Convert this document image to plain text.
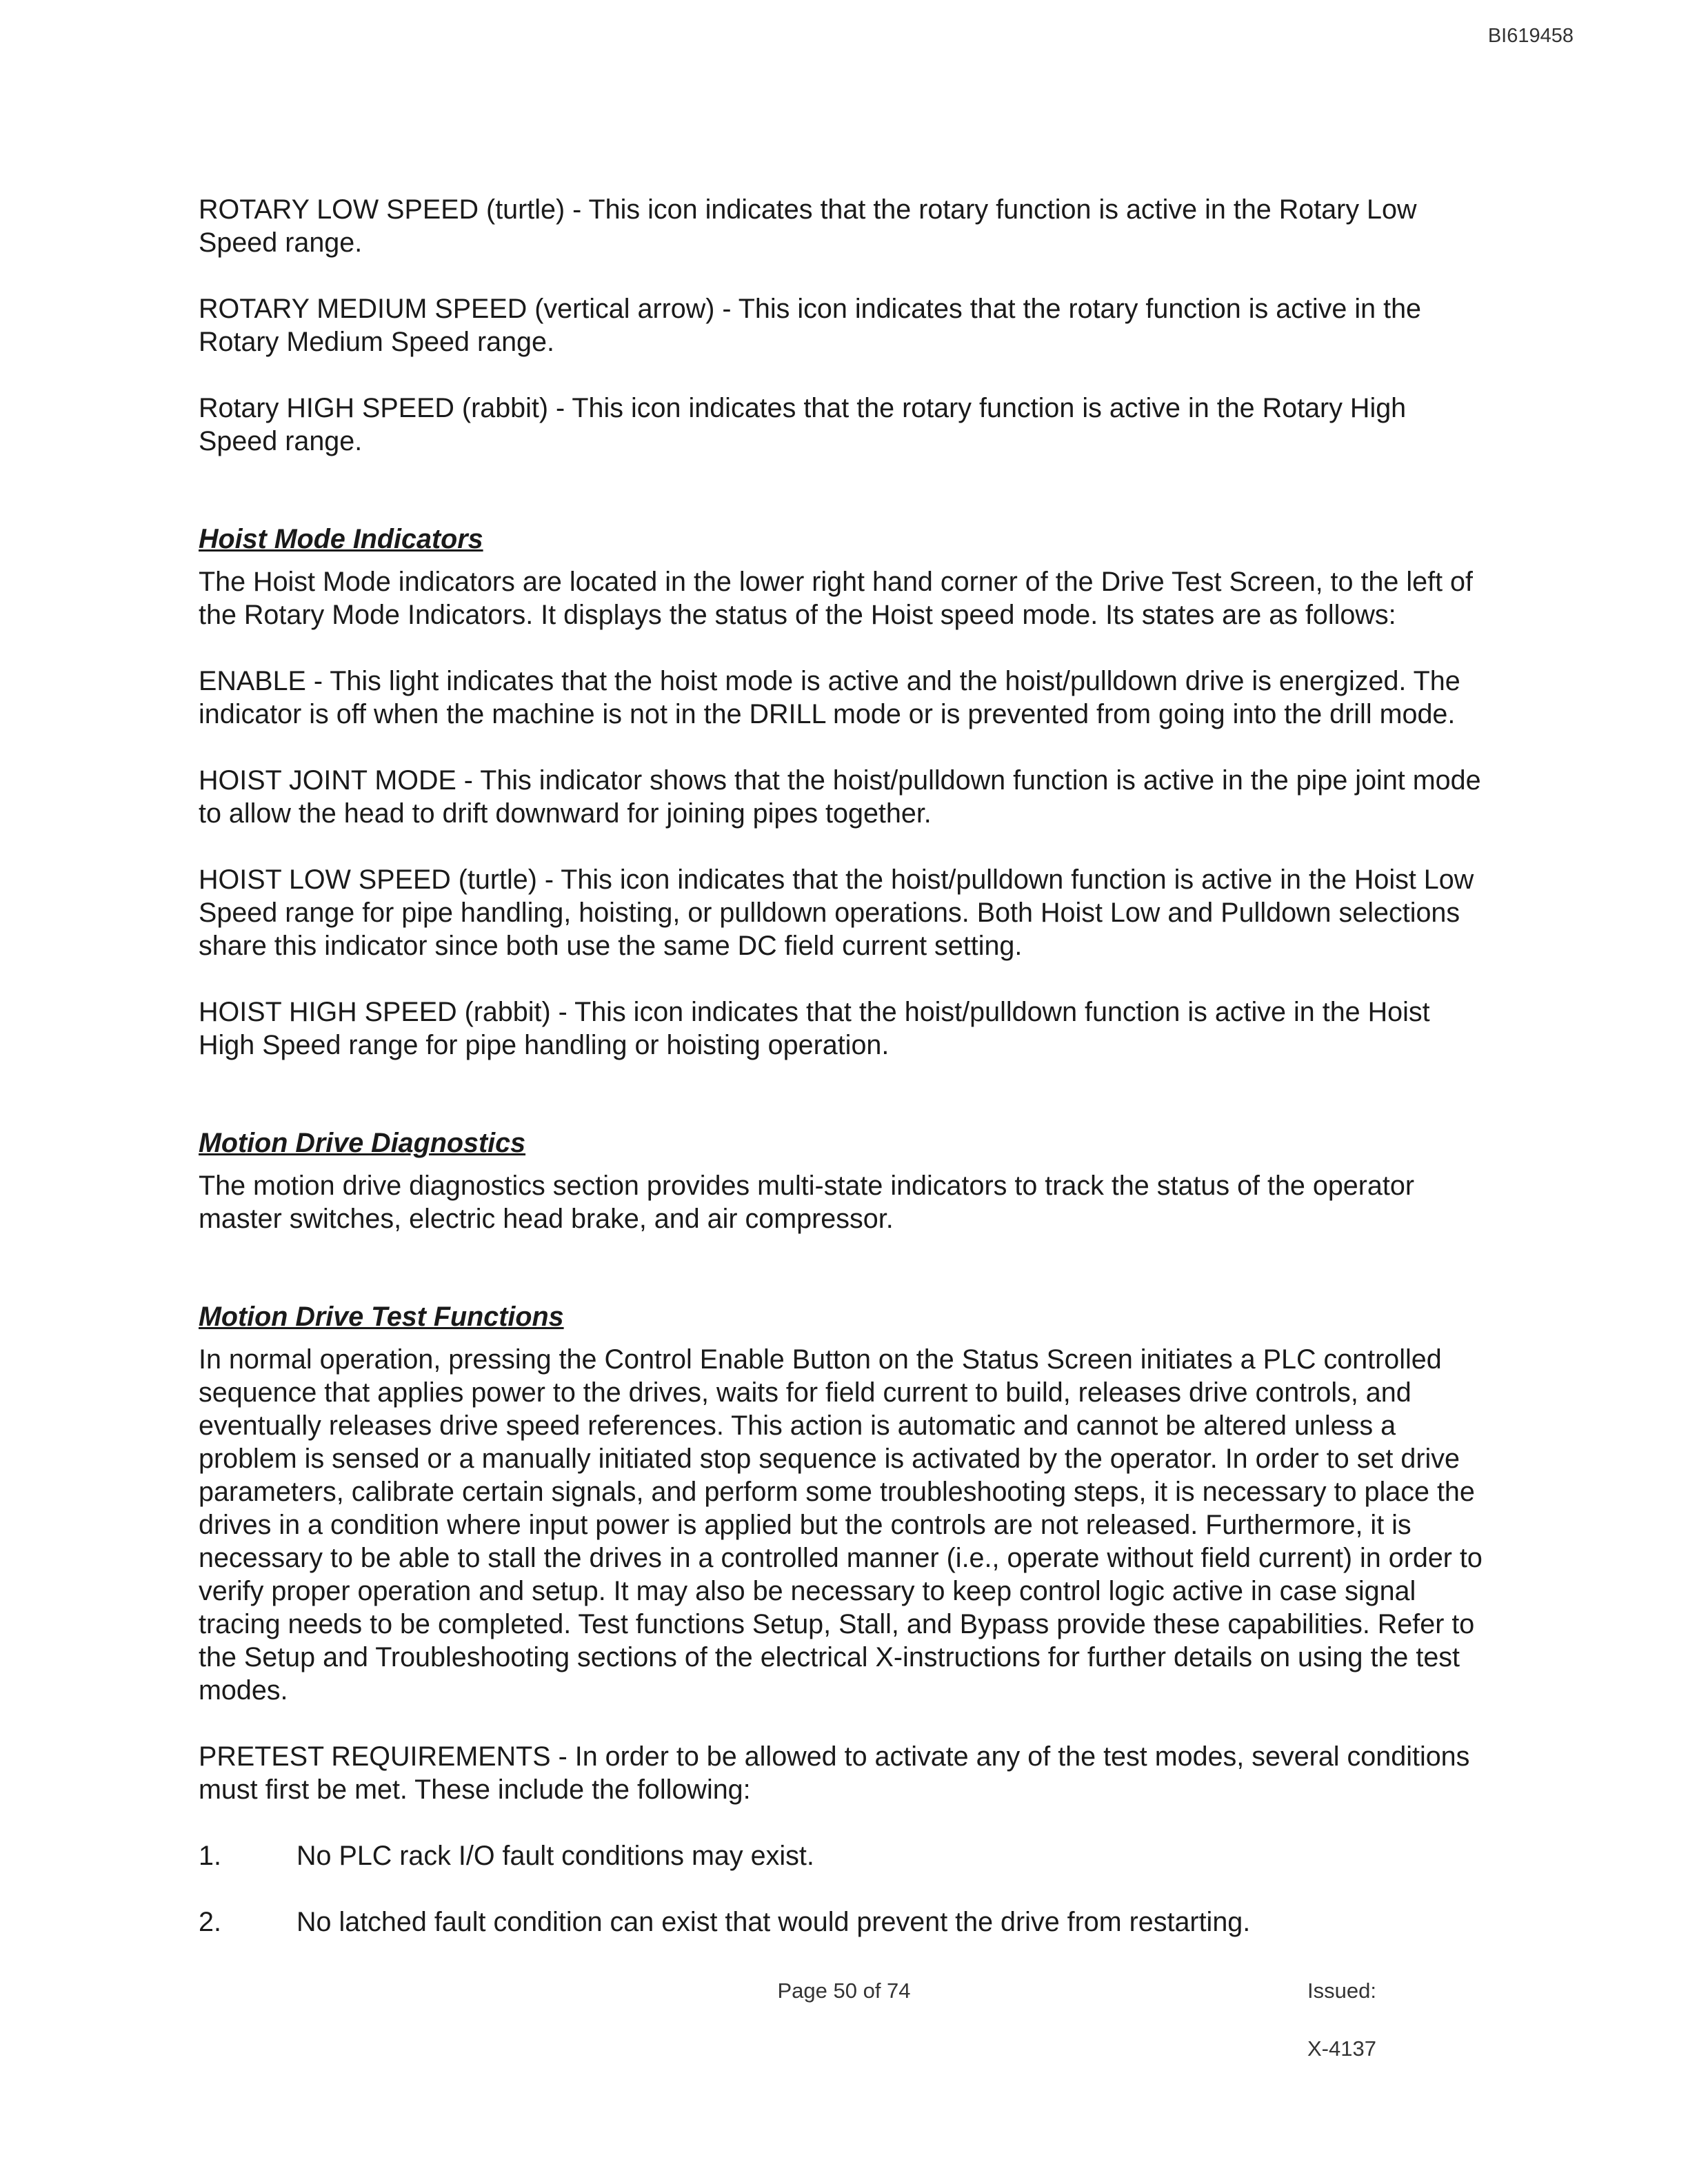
BI619458

ROTARY LOW SPEED (turtle) - This icon indicates that the rotary function is active in the Rotary Low Speed range.

ROTARY MEDIUM SPEED (vertical arrow) - This icon indicates that the rotary function is active in the Rotary Medium Speed range.

Rotary HIGH SPEED (rabbit) - This icon indicates that the rotary function is active in the Rotary High Speed range.

Hoist Mode Indicators

The Hoist Mode indicators are located in the lower right hand corner of the Drive Test Screen, to the left of the Rotary Mode Indicators. It displays the status of the Hoist speed mode. Its states are as follows:

ENABLE - This light indicates that the hoist mode is active and the hoist/pulldown drive is energized. The indicator is off when the machine is not in the DRILL mode or is prevented from going into the drill mode.

HOIST JOINT MODE - This indicator shows that the hoist/pulldown function is active in the pipe joint mode to allow the head to drift downward for joining pipes together.

HOIST LOW SPEED (turtle) - This icon indicates that the hoist/pulldown function is active in the Hoist Low Speed range for pipe handling, hoisting, or pulldown operations. Both Hoist Low and Pulldown selections share this indicator since both use the same DC field current setting.

HOIST HIGH SPEED (rabbit) - This icon indicates that the hoist/pulldown function is active in the Hoist High Speed range for pipe handling or hoisting operation.

Motion Drive Diagnostics

The motion drive diagnostics section provides multi-state indicators to track the status of the operator master switches, electric head brake, and air compressor.

Motion Drive Test Functions

In normal operation, pressing the Control Enable Button on the Status Screen initiates a PLC controlled sequence that applies power to the drives, waits for field current to build, releases drive controls, and eventually releases drive speed references. This action is automatic and cannot be altered unless a problem is sensed or a manually initiated stop sequence is activated by the operator. In order to set drive parameters, calibrate certain signals, and perform some troubleshooting steps, it is necessary to place the drives in a condition where input power is applied but the controls are not released. Furthermore, it is necessary to be able to stall the drives in a controlled manner (i.e., operate without field current) in order to verify proper operation and setup. It may also be necessary to keep control logic active in case signal tracing needs to be completed. Test functions Setup, Stall, and Bypass provide these capabilities. Refer to the Setup and Troubleshooting sections of the electrical X-instructions for further details on using the test modes.

PRETEST REQUIREMENTS - In order to be allowed to activate any of the test modes, several conditions must first be met. These include the following:

1.	No PLC rack I/O fault conditions may exist.
2.	No latched fault condition can exist that would prevent the drive from restarting.
Page 50 of 74	Issued:
X-4137
